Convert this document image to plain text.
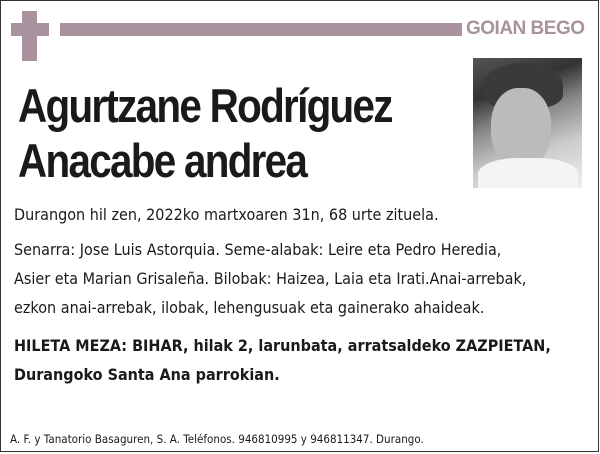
GOIAN BEGO
Agurtzane Rodríguez
Anacabe andrea
Durangon hil zen, 2022ko martxoaren 31n, 68 urte zituela.
Senarra: Jose Luis Astorquia. Seme-alabak: Leire eta Pedro Heredia,
Asier eta Marian Grisaleña. Bilobak: Haizea, Laia eta Irati.Anai-arrebak,
ezkon anai-arrebak, ilobak, lehengusuak eta gainerako ahaideak.
HILETA MEZA: BIHAR, hilak 2, larunbata, arratsaldeko ZAZPIETAN,
Durangoko Santa Ana parrokian.
A. F. y Tanatorio Basaguren, S. A. Teléfonos. 946810995 y 946811347. Durango.
